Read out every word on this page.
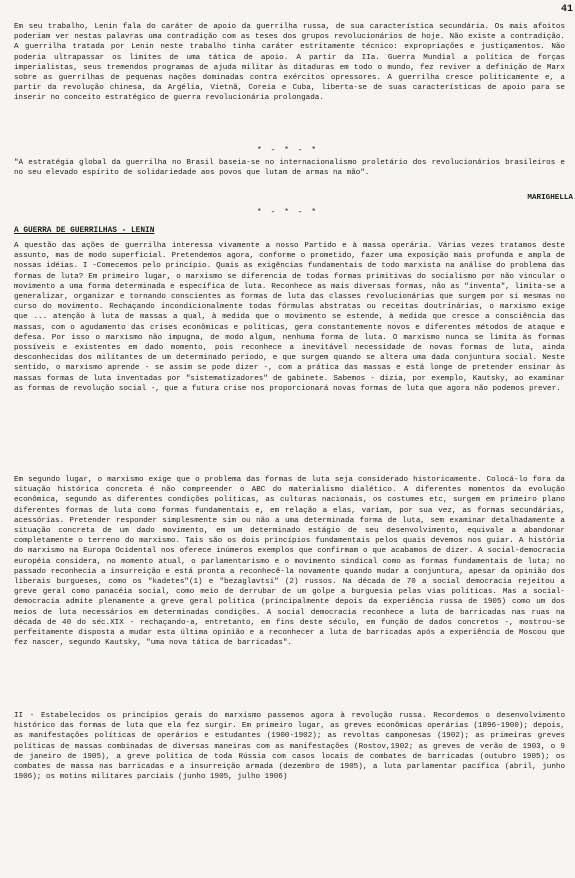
41

Em seu trabalho, Lenin fala do caráter de apoio da guerrilha russa, de sua característica secundária. Os mais afoitos poderiam ver nestas palavras uma contradição com as teses dos grupos revolucionários de hoje. Não existe a contradição. A guerrilha tratada por Lenin neste trabalho tinha caráter estritamente técnico: expropriações e justiçamentos. Não poderia ultrapassar os limites de uma tática de apoio. A partir da IIa. Guerra Mundial a política de forças imperialistas, seus tremendos programas de ajuda militar às ditaduras em todo o mundo, fez reviver a definição de Marx sobre as guerrilhas de pequenas nações dominadas contra exércitos opressores. A guerrilha cresce politicamente e, a partir da revolução chinesa, da Argélia, Vietnã, Coreia e Cuba, liberta-se de suas características de apoio para se inserir no conceito estratégico de guerra revolucionária prolongada.

* - * - *
"A estratégia global da guerrilha no Brasil baseia-se no internacionalismo proletário dos revolucionários brasileiros e no seu elevado espírito de solidariedade aos povos que lutam de armas na mão".
MARIGHELLA
* - * - *
A GUERRA DE GUERRILHAS - LENIN

A questão das ações de guerrilha interessa vivamente a nosso Partido e à massa operária. Várias vezes tratamos deste assunto, mas de modo superficial. Pretendemos agora, conforme o prometido, fazer uma exposição mais profunda e ampla de nossas idéias. I -Comecemos pelo princípio. Quais as exigências fundamentais de todo marxista na análise do problema das formas de luta? Em primeiro lugar, o marxismo se diferencia de todas formas primitivas do socialismo por não vincular o movimento a uma forma determinada e específica de luta. Reconhece as mais diversas formas, não as "inventa", limita-se a generalizar, organizar e tornando conscientes as formas de luta das classes revolucionárias que surgem por si mesmas no curso do movimento. Rechaçando incondicionalmente todas fórmulas abstratas ou receitas doutrinárias, o marxismo exige que ... atenção à luta de massas a qual, à medida que o movimento se estende, à medida que cresce a consciência das massas, com o agudamento das crises econômicas e políticas, gera constantemente novos e diferentes métodos de ataque e defesa. Por isso o marxismo não impugna, de modo algum, nenhuma forma de luta. O marxismo nunca se limita às formas possíveis e existentes em dado momento, pois reconhece a inevitável necessidade de novas formas de luta, ainda desconhecidas dos militantes de um determinado período, e que surgem quando se altera uma dada conjuntura social. Neste sentido, o marxismo aprende - se assim se pode dizer -, com a prática das massas e está longe de pretender ensinar às massas formas de luta inventadas por "sistematizadores" de gabinete. Sabemos - dizia, por exemplo, Kautsky, ao examinar as formas de revolução social -, que a futura crise nos proporcionará novas formas de luta que agora não podemos prever.

Em segundo lugar, o marxismo exige que o problema das formas de luta seja considerado historicamente. Colocá-lo fora da situação histórica concreta é não compreender o ABC do materialismo dialético. A diferentes momentos da evolução econômica, segundo as diferentes condições políticas, as culturas nacionais, os costumes etc, surgem em primeiro plano diferentes formas de luta como formas fundamentais e, em relação a elas, variam, por sua vez, as formas secundárias, acessórias. Pretender responder simplesmente sim ou não a uma determinada forma de luta, sem examinar detalhadamente a situação concreta de um dado movimento, em um determinado estágio de seu desenvolvimento, equivale a abandonar completamente o terreno do marxismo. Tais são os dois princípios fundamentais pelos quais devemos nos guiar. A história do marxismo na Europa Ocidental nos oferece inúmeros exemplos que confirmam o que acabamos de dizer. A social-democracia européia considera, no momento atual, o parlamentarismo e o movimento sindical como as formas fundamentais de luta; no passado reconhecia a insurreição e está pronta a reconhecê-la novamente quando mudar a conjuntura, apesar da opinião dos liberais burgueses, como os "kadetes"(1) e "bezaglavtsi" (2) russos. Na década de 70 a social democracia rejeitou a greve geral como panacéia social, como meio de derrubar de um golpe a burguesia pelas vias políticas. Mas a social-democracia admite plenamente a greve geral política (principalmente depois da experiência russa de 1905) como um dos meios de luta necessários em determinadas condições. A social democracia reconhece a luta de barricadas nas ruas na década de 40 do séc.XIX - rechaçando-a, entretanto, em fins deste século, em função de dados concretos -, mostrou-se perfeitamente disposta a mudar esta última opinião e a reconhecer a luta de barricadas após a experiência de Moscou que fez nascer, segundo Kautsky, "uma nova tática de barricadas".

II - Estabelecidos os princípios gerais do marxismo passemos agora à revolução russa. Recordemos o desenvolvimento histórico das formas de luta que ela fez surgir. Em primeiro lugar, as greves econômicas operárias (1896-1900); depois, as manifestações políticas de operários e estudantes (1900-1902); as revoltas camponesas (1902); as primeiras greves políticas de massas combinadas de diversas maneiras com as manifestações (Rostov,1902; as greves de verão de 1903, o 9 de janeiro de 1905), a greve política de toda Rússia com casos locais de combates de barricadas (outubro 1905); os combates de massa nas barricadas e a insurreição armada (dezembro de 1905), a luta parlamentar pacífica (abril, junho 1906); os motins militares parciais (junho 1905, julho 1906)
